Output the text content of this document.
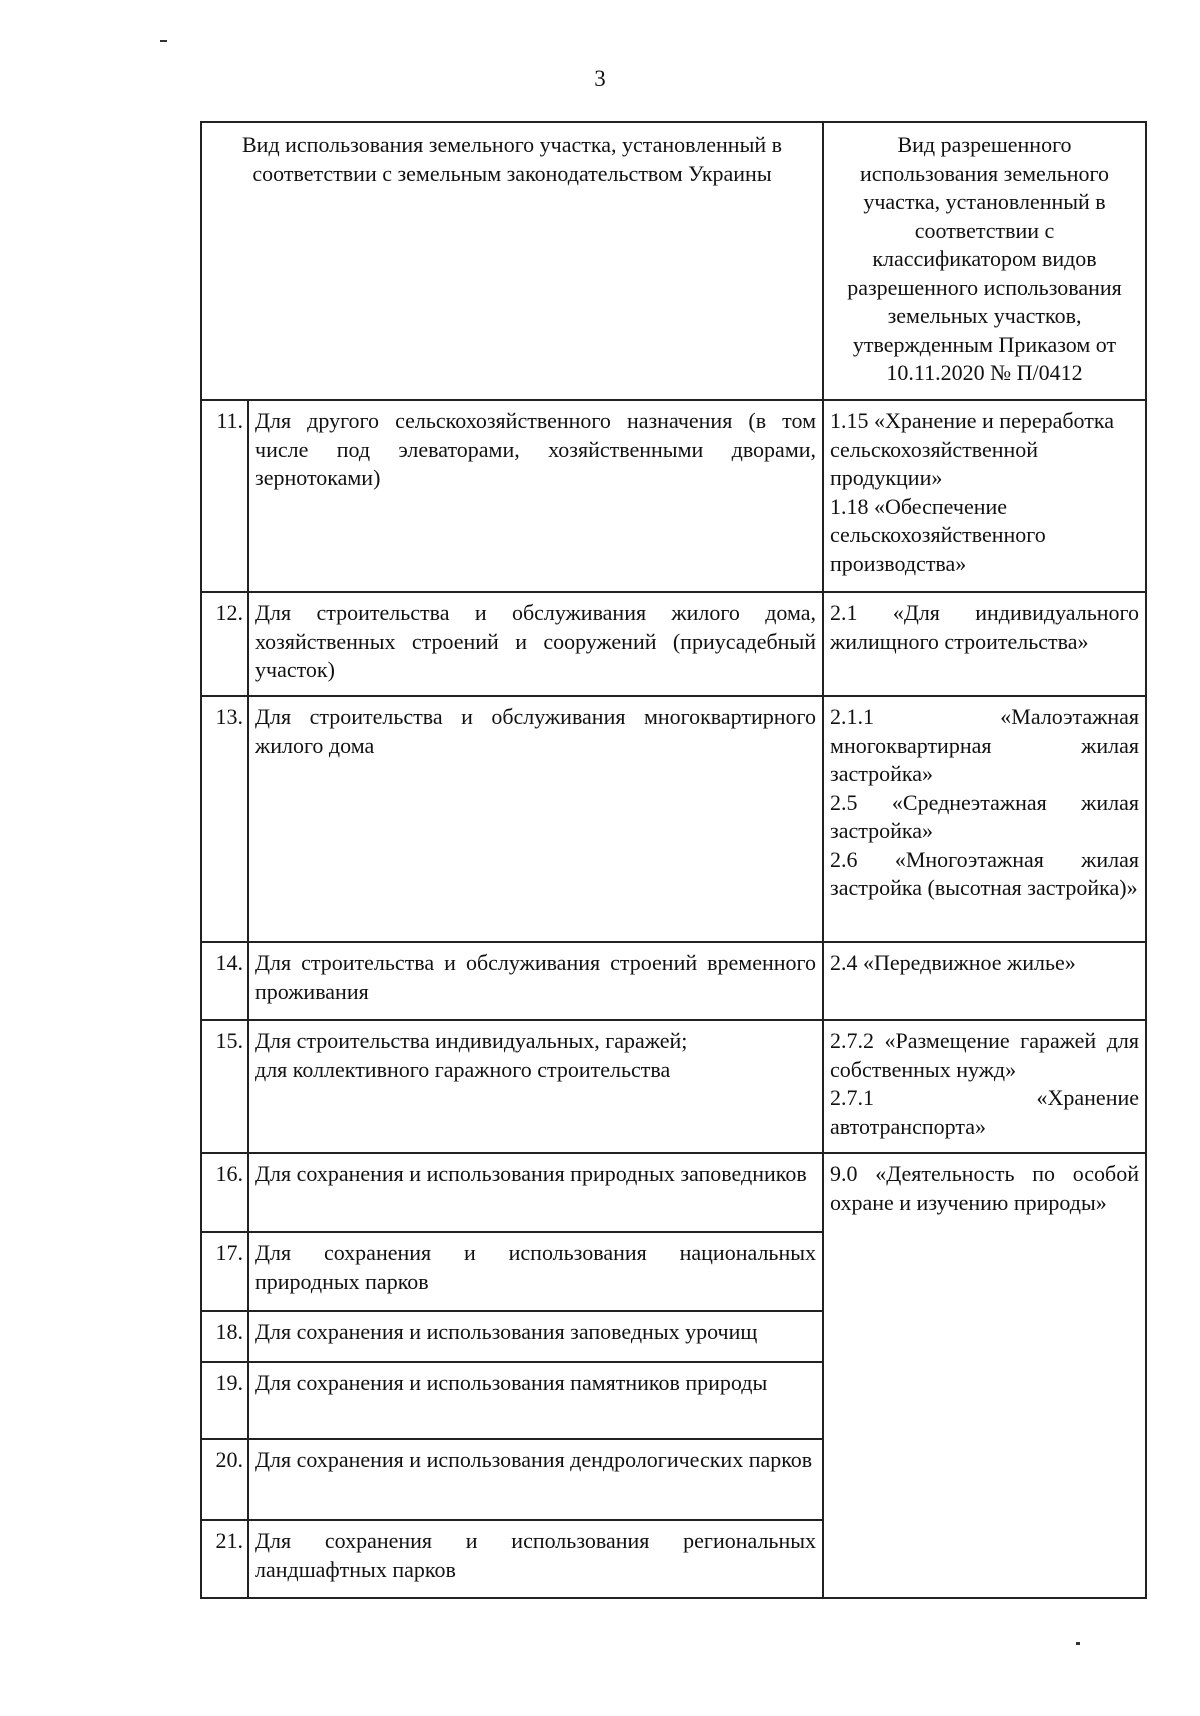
3
Вид использования земельного участка, установленный в соответствии с земельным законодательством Украины		Вид разрешенного использования земельного участка, установленный в соответствии с классификатором видов разрешенного использования земельных участков, утвержденным Приказом от 10.11.2020 № П/0412
11.	Для другого сельскохозяйственного назначения (в том числе под элеваторами, хозяйственными дворами, зернотоками)	1.15 «Хранение и переработка сельскохозяйственной продукции»
1.18 «Обеспечение сельскохозяйственного производства»

12.	Для строительства и обслуживания жилого дома, хозяйственных строений и сооружений (приусадебный участок)	2.1 «Для индивидуального жилищного строительства»

13.	Для строительства и обслуживания многоквартирного жилого дома	2.1.1 «Малоэтажная многоквартирная жилая застройка»
2.5 «Среднеэтажная жилая застройка»
2.6 «Многоэтажная жилая застройка (высотная застройка)»

14.	Для строительства и обслуживания строений временного проживания	2.4 «Передвижное жилье»

15.	Для строительства индивидуальных, гаражей;
для коллективного гаражного строительства	2.7.2 «Размещение гаражей для собственных нужд»
2.7.1 «Хранение автотранспорта»

16.	Для сохранения и использования природных заповедников	9.0 «Деятельность по особой охране и изучению природы»

17.	Для сохранения и использования национальных природных парков	
18.	Для сохранения и использования заповедных урочищ	
19.	Для сохранения и использования памятников природы	
20.	Для сохранения и использования дендрологических парков	
21.	Для сохранения и использования региональных ландшафтных парков	
